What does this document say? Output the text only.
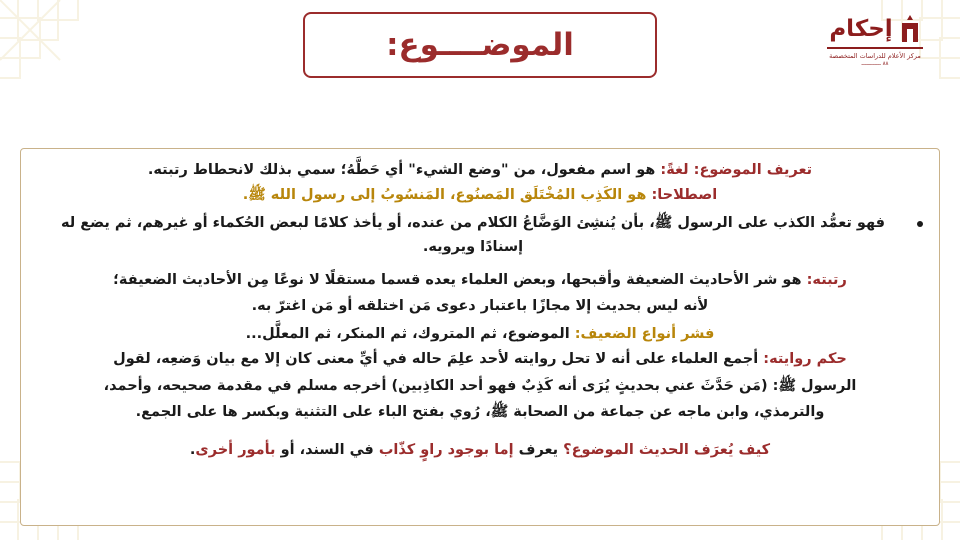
الموضــــوع:	إحكام
مركز الأعلام للدراسات المتخصصة
٨٨ ــــــــــــ

تعريف الموضوع: لغةً: هو اسم مفعول، من "وضع الشيء" أي حَطَّهُ؛ سمي بذلك لانحطاط رتبته.

اصطلاحا: هو الكَذِب المُخْتَلَق المَصنُوع، المَنسُوبُ إلى رسول الله ﷺ.

فهو تعمُّد الكذب على الرسول ﷺ، بأن يُنشِئ الوَضَّاعُ الكلام من عنده، أو يأخذ كلامًا لبعض الحُكماء أو غيرهم، ثم يضع له إسنادًا ويرويه.

رتبته: هو شر الأحاديث الضعيفة وأقبحها، وبعض العلماء يعده قسما مستقلًا لا نوعًا مِن الأحاديث الضعيفة؛

لأنه ليس بحديث إلا مجازًا باعتبار دعوى مَن اختلقه أو مَن اغترّ به.

فشر أنواع الضعيف: الموضوع، ثم المتروك، ثم المنكر، ثم المعلَّل...

حكم روايته: أجمع العلماء على أنه لا تحل روايته لأحد علِمَ حاله في أيِّ معنى كان إلا مع بيان وَضعِه، لقول

الرسول ﷺ: (مَن حَدَّثَ عني بحديثٍ يُرَى أنه كَذِبٌ فهو أحد الكاذِبين) أخرجه مسلم في مقدمة صحيحه، وأحمد،

والترمذي، وابن ماجه عن جماعة من الصحابة ﷺ، رُوي بفتح الباء على التثنية وبكسر ها على الجمع.

كيف يُعرَف الحديث الموضوع؟ يعرف إما بوجود راوٍ كذّاب في السند، أو بأمور أخرى.
